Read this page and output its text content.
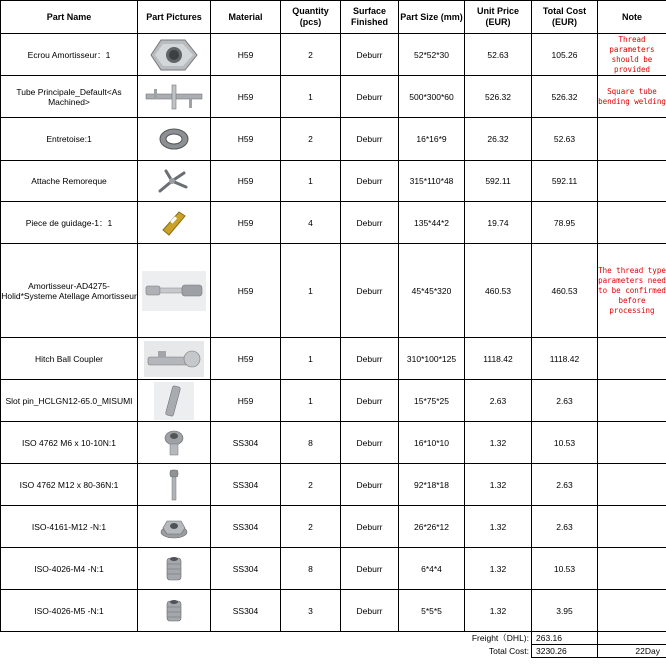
Part Name	Part Pictures	Material	Quantity (pcs)	Surface Finished	Part Size (mm)	Unit Price (EUR)	Total Cost (EUR)	Note
Ecrou Amortisseur：1		H59	2	Deburr	52*52*30	52.63	105.26	Thread parameters should be provided
Tube Principale_Default<As Machined>		H59	1	Deburr	500*300*60	526.32	526.32	Square tube bending welding
Entretoise:1		H59	2	Deburr	16*16*9	26.32	52.63	
Attache Remoreque		H59	1	Deburr	315*110*48	592.11	592.11	
Piece de guidage-1：1		H59	4	Deburr	135*44*2	19.74	78.95	
Amortisseur-AD4275-Holid*Systeme Atellage Amortisseur		H59	1	Deburr	45*45*320	460.53	460.53	The thread type parameters need to be confirmed before processing
Hitch Ball Coupler		H59	1	Deburr	310*100*125	1118.42	1118.42	
Slot pin_HCLGN12-65.0_MISUMI		H59	1	Deburr	15*75*25	2.63	2.63	
ISO 4762 M6 x 10-10N:1		SS304	8	Deburr	16*10*10	1.32	10.53	
ISO 4762 M12 x 80-36N:1		SS304	2	Deburr	92*18*18	1.32	2.63	
ISO-4161-M12 -N:1		SS304	2	Deburr	26*26*12	1.32	2.63	
ISO-4026-M4 -N:1		SS304	8	Deburr	6*4*4	1.32	10.53	
ISO-4026-M5 -N:1		SS304	3	Deburr	5*5*5	1.32	3.95	
		Freight（DHL):					263.16	
		Total Cost:					3230.26	22Day
